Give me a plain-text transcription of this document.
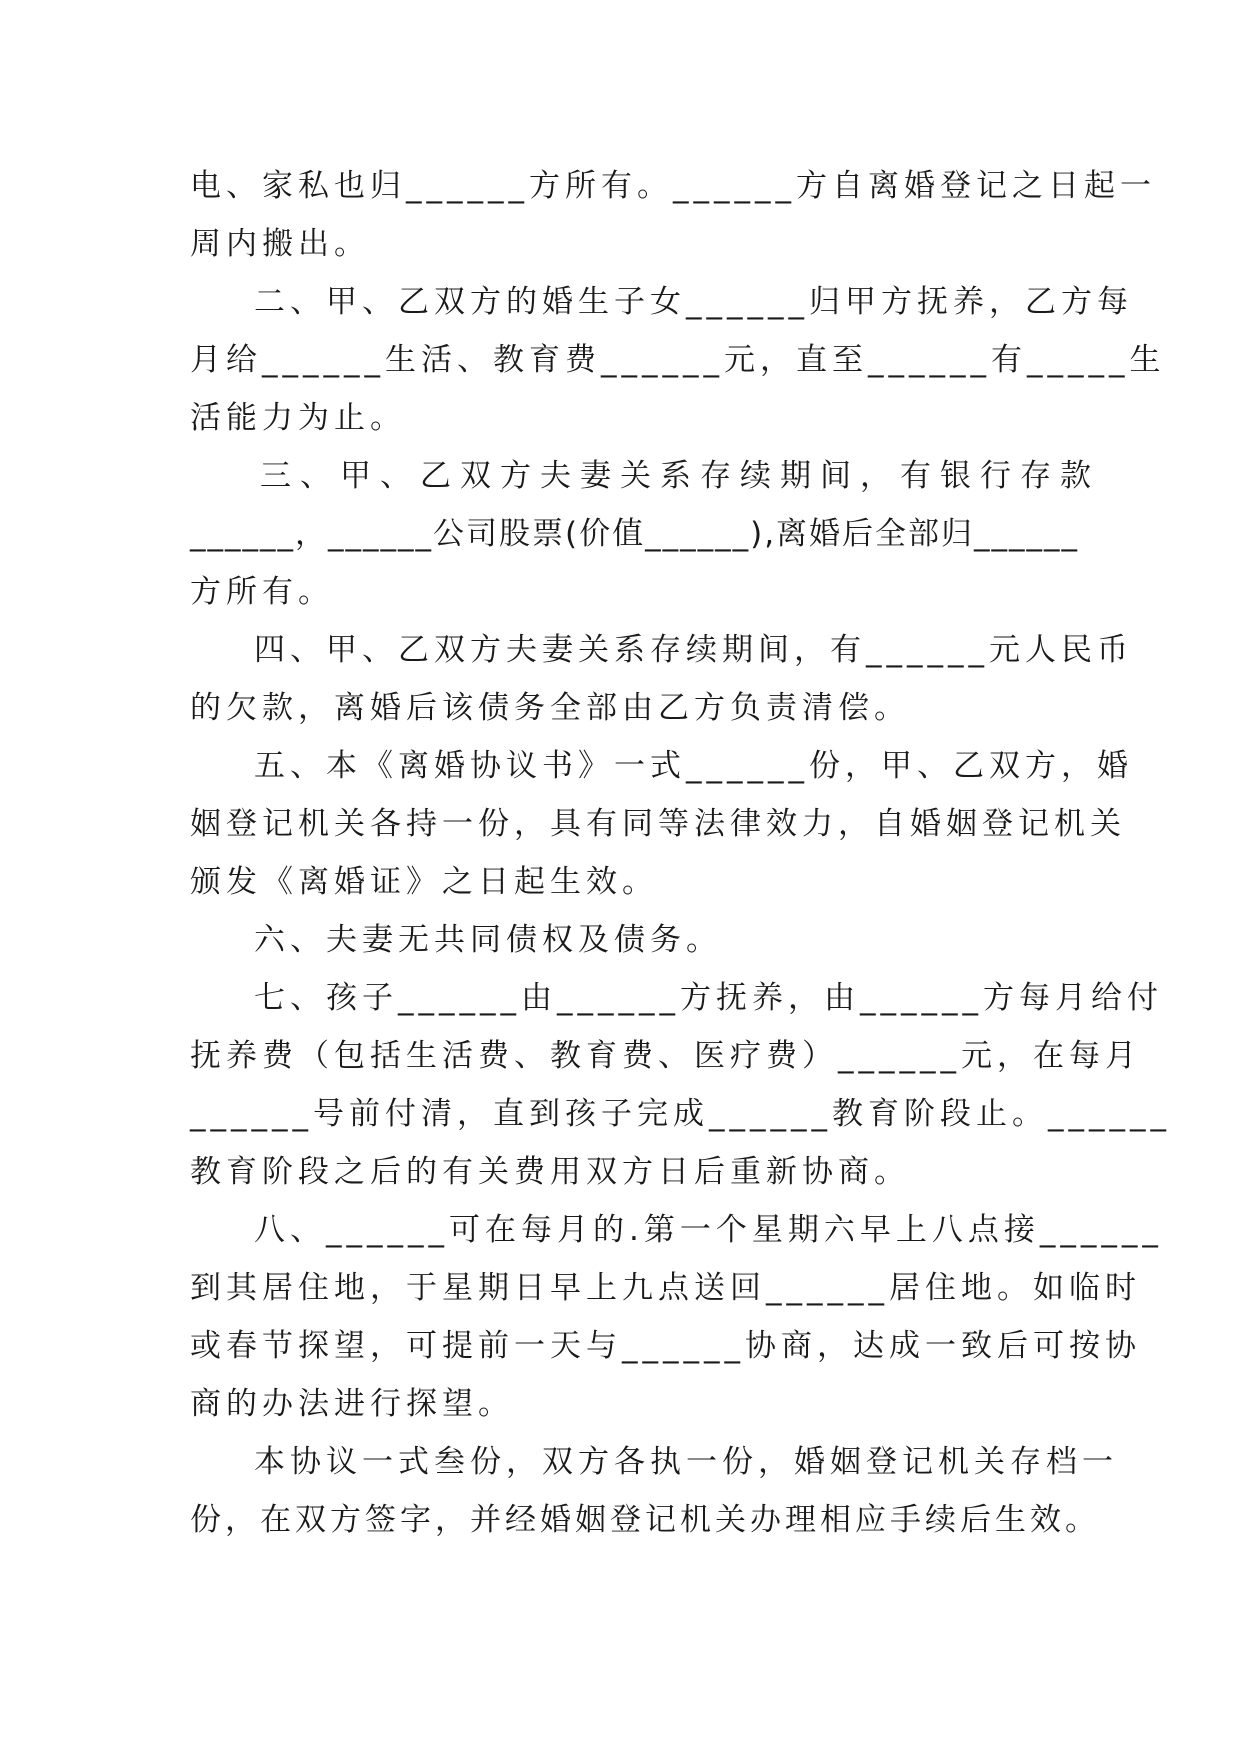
电、家私也归______方所有。______方自离婚登记之日起一
周内搬出。
二、甲、乙双方的婚生子女______归甲方抚养，乙方每
月给______生活、教育费______元，直至______有_____生
活能力为止。
三、甲、乙双方夫妻关系存续期间，有银行存款
______，______公司股票(价值______),离婚后全部归______
方所有。
四、甲、乙双方夫妻关系存续期间，有______元人民币
的欠款，离婚后该债务全部由乙方负责清偿。
五、本《离婚协议书》一式______份，甲、乙双方，婚
姻登记机关各持一份，具有同等法律效力，自婚姻登记机关
颁发《离婚证》之日起生效。
六、夫妻无共同债权及债务。
七、孩子______由______方抚养，由______方每月给付
抚养费（包括生活费、教育费、医疗费）______元，在每月
______号前付清，直到孩子完成______教育阶段止。______
教育阶段之后的有关费用双方日后重新协商。
八、______可在每月的.第一个星期六早上八点接______
到其居住地，于星期日早上九点送回______居住地。如临时
或春节探望，可提前一天与______协商，达成一致后可按协
商的办法进行探望。
本协议一式叁份，双方各执一份，婚姻登记机关存档一
份，在双方签字，并经婚姻登记机关办理相应手续后生效。
